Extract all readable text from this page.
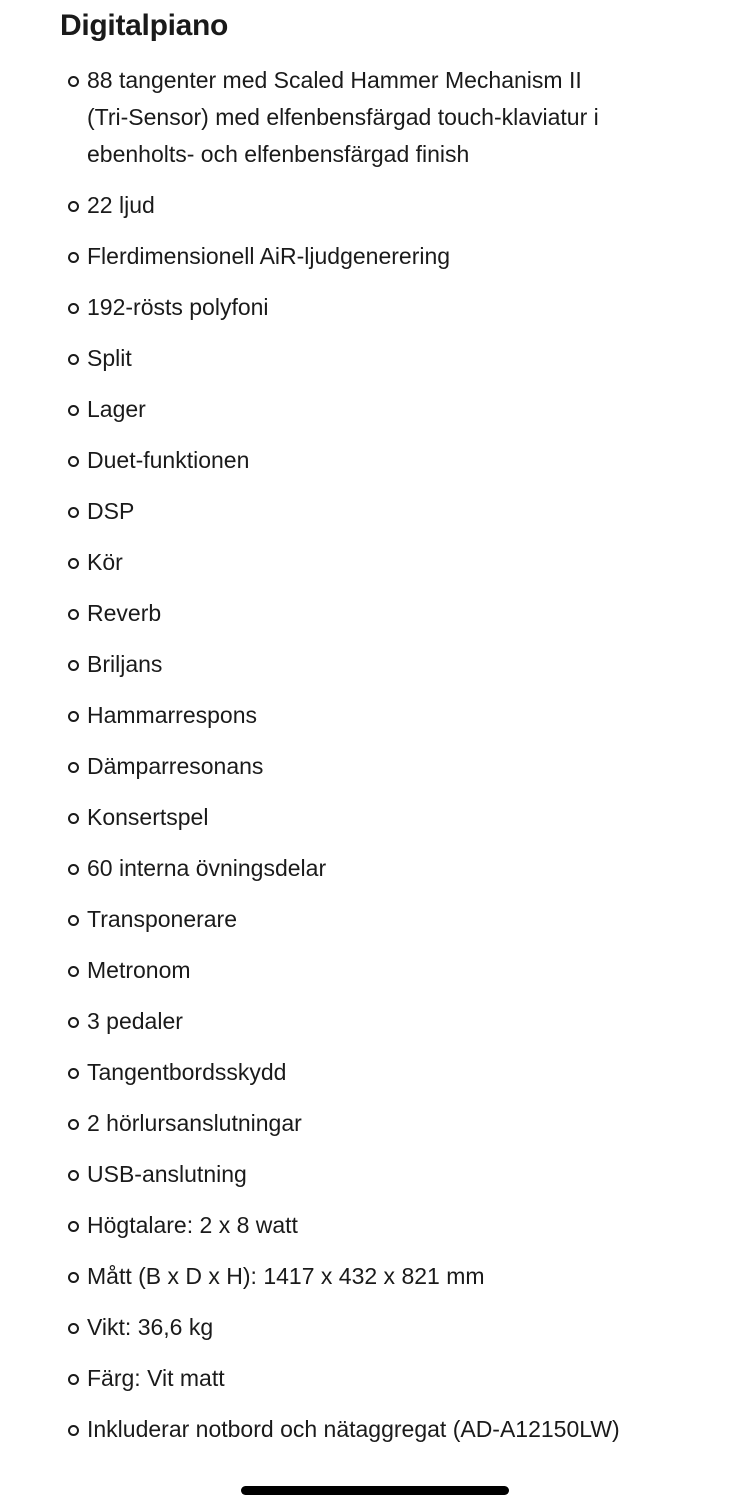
Digitalpiano
88 tangenter med Scaled Hammer Mechanism II (Tri-Sensor) med elfenbensfärgad touch-klaviatur i ebenholts- och elfenbensfärgad finish
22 ljud
Flerdimensionell AiR-ljudgenerering
192-rösts polyfoni
Split
Lager
Duet-funktionen
DSP
Kör
Reverb
Briljans
Hammarrespons
Dämparresonans
Konsertspel
60 interna övningsdelar
Transponerare
Metronom
3 pedaler
Tangentbordsskydd
2 hörlursanslutningar
USB-anslutning
Högtalare: 2 x 8 watt
Mått (B x D x H): 1417 x 432 x 821 mm
Vikt: 36,6 kg
Färg: Vit matt
Inkluderar notbord och nätaggregat (AD-A12150LW)
